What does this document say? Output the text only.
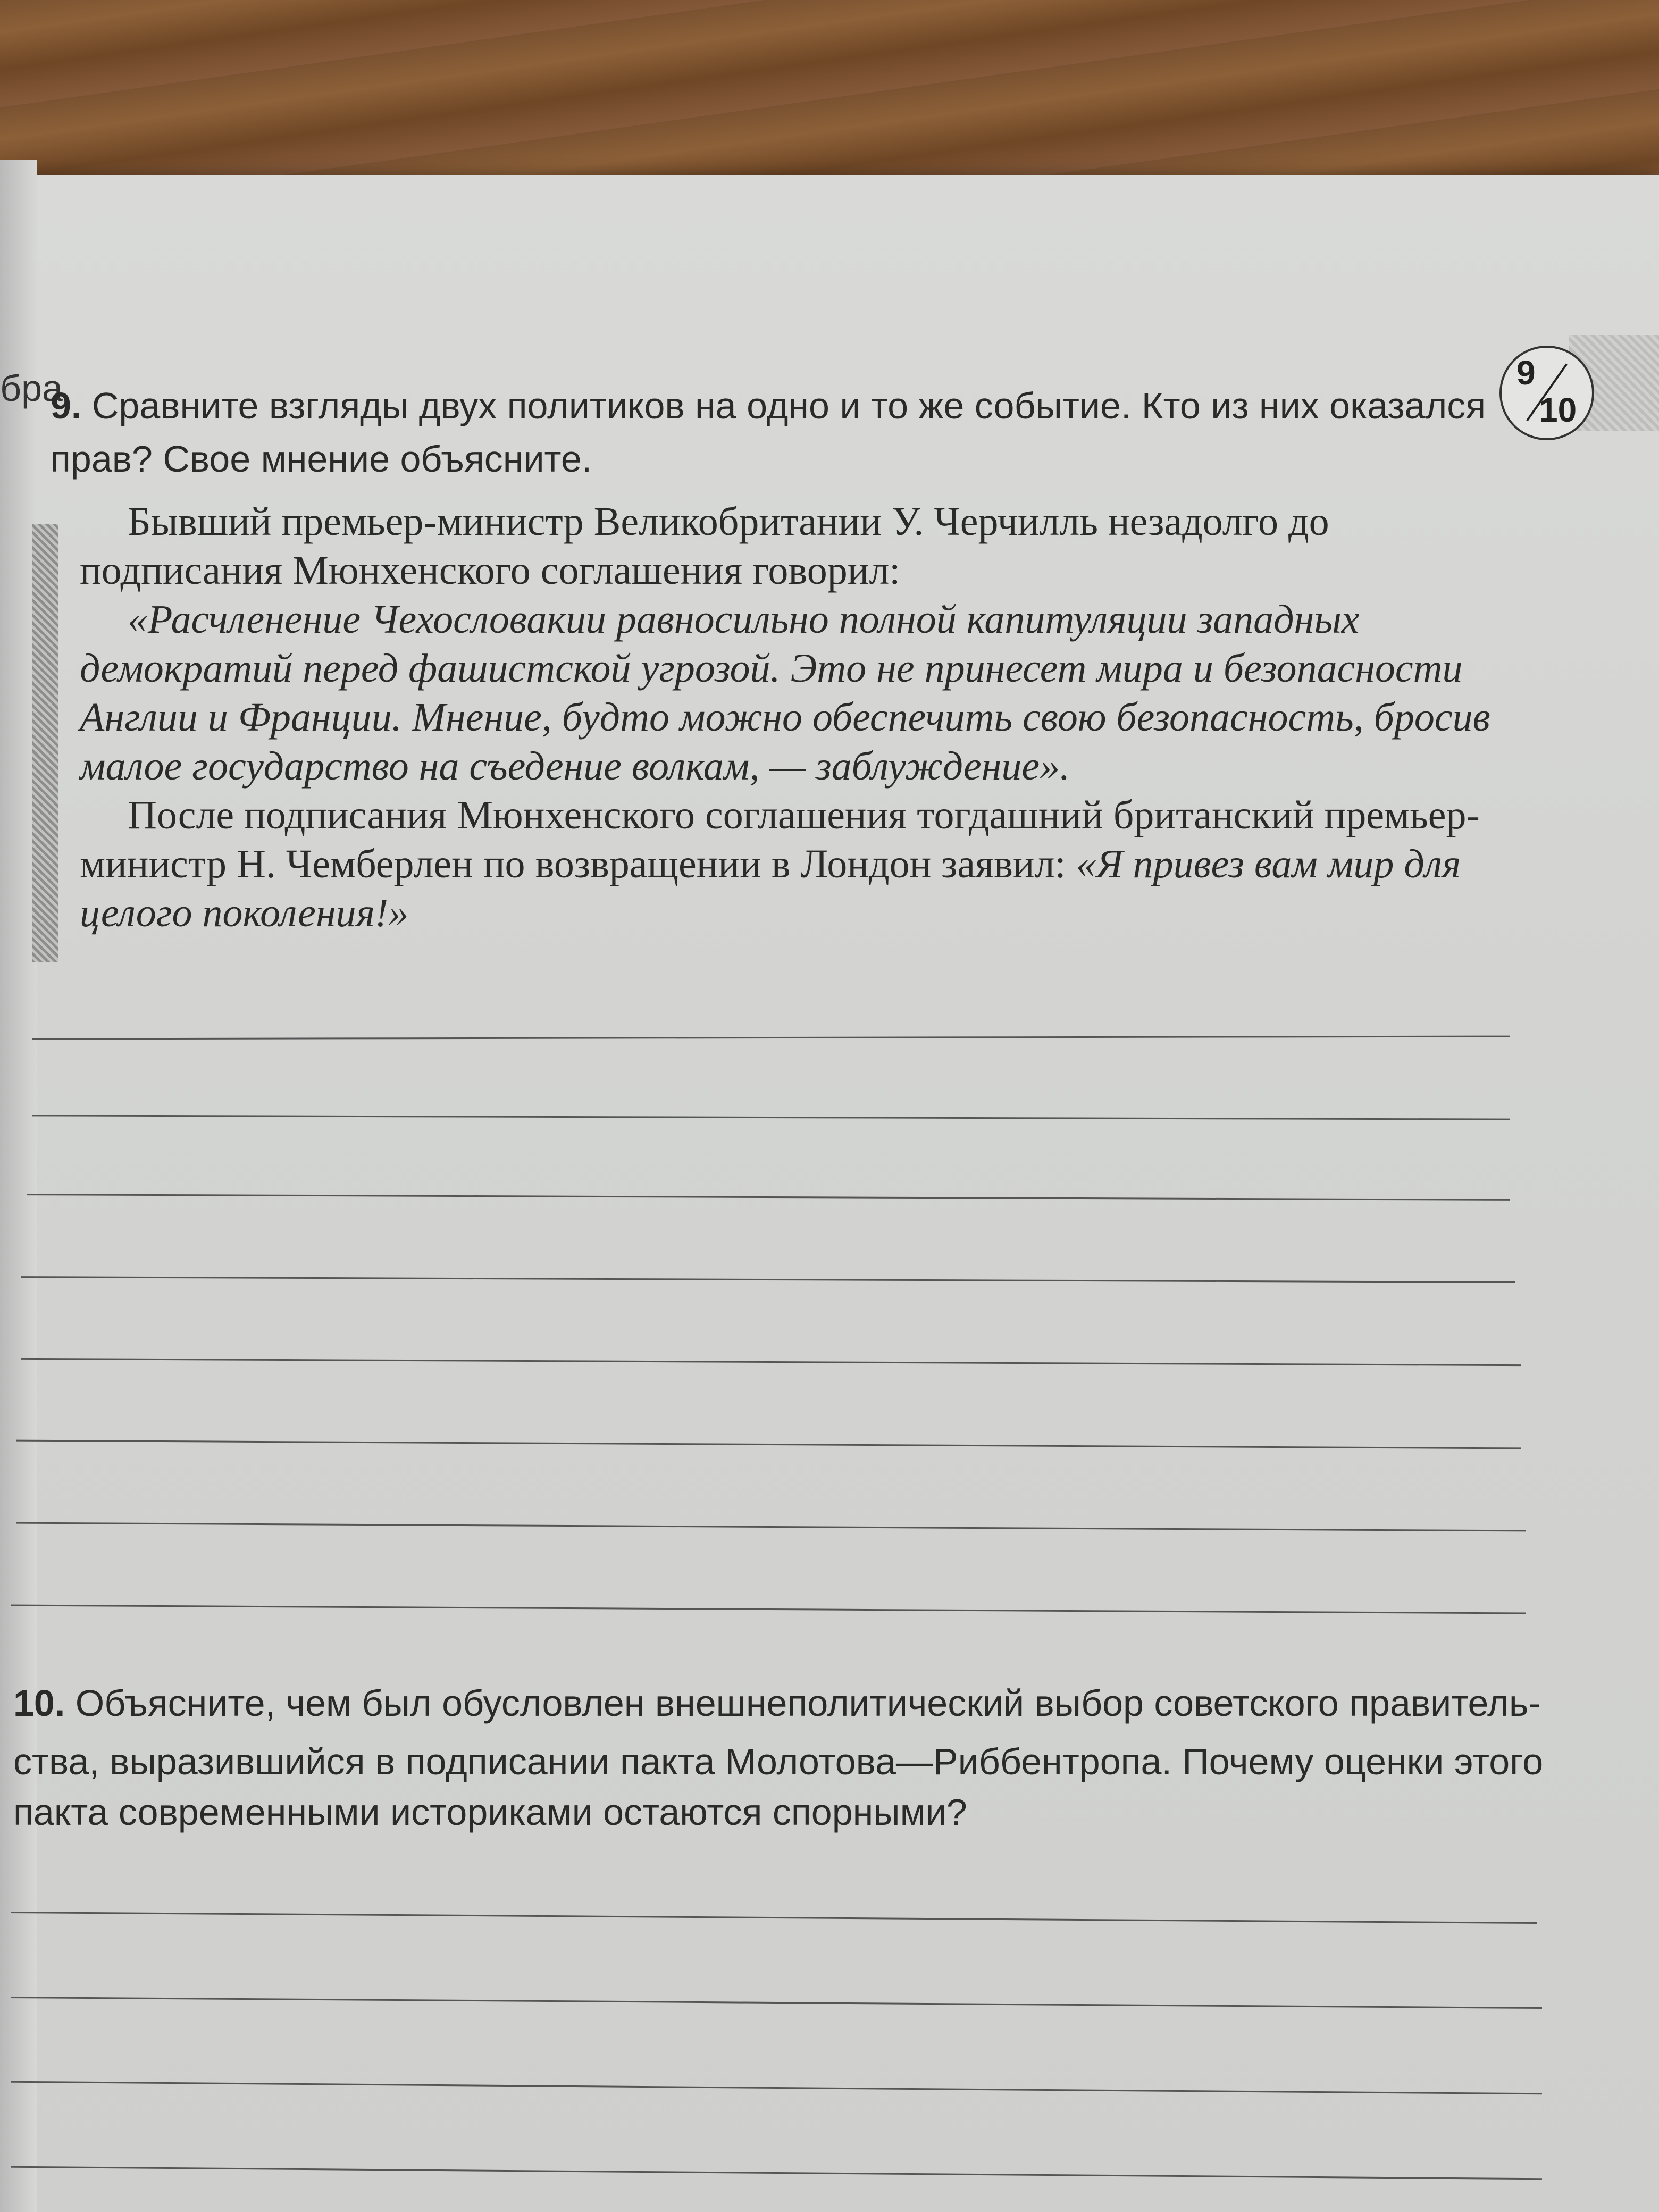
бра	9
10
9. Сравните взгляды двух политиков на одно и то же событие. Кто из них оказался
прав? Свое мнение объясните.

Бывший премьер-министр Великобритании У. Черчилль незадолго до подписания Мюнхенского соглашения говорил:

«Расчленение Чехословакии равносильно полной капитуляции западных демократий перед фашистской угрозой. Это не принесет мира и безопасности Англии и Франции. Мнение, будто можно обеспечить свою безопасность, бросив малое государство на съедение волкам, — заблуждение».

После подписания Мюнхенского соглашения тогдашний британский премьер-министр Н. Чемберлен по возвращении в Лондон заявил: «Я привез вам мир для целого поколения!»

10. Объясните, чем был обусловлен внешнеполитический выбор советского правитель-
ства, выразившийся в подписании пакта Молотова—Риббентропа. Почему оценки этого
пакта современными историками остаются спорными?
